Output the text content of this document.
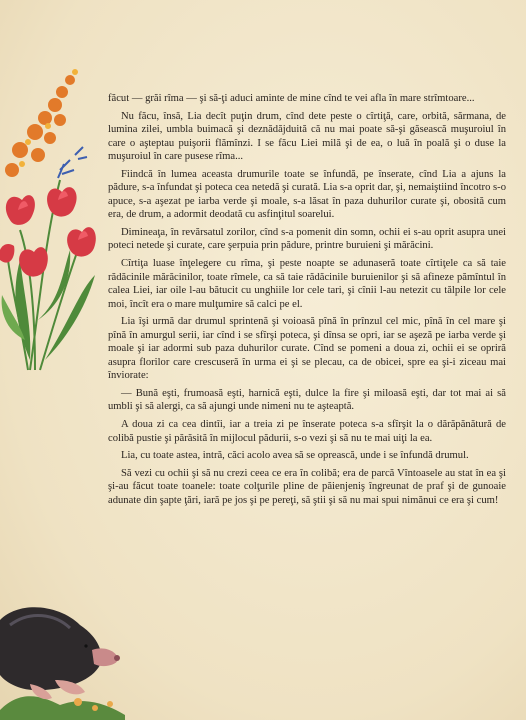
făcut — grăi rîma — şi să-ţi aduci aminte de mine cînd te vei afla în mare strîmtoare...

Nu făcu, însă, Lia decît puţin drum, cînd dete peste o cîrtiţă, care, orbită, sărmana, de lumina zilei, umbla buimacă şi deznădăjduită că nu mai poate să-şi găsească muşuroiul în care o aşteptau puişorii flămînzi. I se făcu Liei milă şi de ea, o luă în poală şi o duse la muşuroiul în care pusese rîma...

Fiindcă în lumea aceasta drumurile toate se înfundă, pe înserate, cînd Lia a ajuns la pădure, s-a înfundat şi poteca cea netedă şi curată. Lia s-a oprit dar, şi, nemaiştiind încotro s-o apuce, s-a aşezat pe iarba verde şi moale, s-a lăsat în paza duhurilor curate şi, obosită cum era, de drum, a adormit deodată cu asfinţitul soarelui.

Dimineaţa, în revărsatul zorilor, cînd s-a pomenit din somn, ochii ei s-au oprit asupra unei poteci netede şi curate, care şerpuia prin pădure, printre buruieni şi mărăcini.

Cîrtiţa luase înţelegere cu rîma, şi peste noapte se adunaseră toate cîrtiţele ca să taie rădăcinile mărăcinilor, toate rîmele, ca să taie rădăcinile buruienilor şi să afineze pămîntul în calea Liei, iar oile l-au bătucit cu unghiile lor cele tari, şi cînii l-au netezit cu tălpile lor cele moi, încît era o mare mulţumire să calci pe el.

Lia îşi urmă dar drumul sprintenă şi voioasă pînă în prînzul cel mic, pînă în cel mare şi pînă în amurgul serii, iar cînd i se sfîrşi poteca, şi dînsa se opri, iar se aşeză pe iarba verde şi moale şi iar adormi sub paza duhurilor curate. Cînd se pomeni a doua zi, ochii ei se opriră asupra florilor care crescuseră în urma ei şi se plecau, ca de obicei, spre ea şi-i ziceau mai înviorate:

— Bună eşti, frumoasă eşti, harnică eşti, dulce la fire şi miloasă eşti, dar tot mai ai să umbli şi să alergi, ca să ajungi unde nimeni nu te aşteaptă.

A doua zi ca cea dintîi, iar a treia zi pe înserate poteca s-a sfîrşit la o dărăpănătură de colibă pustie şi părăsită în mijlocul pădurii, s-o vezi şi să nu te mai uiţi la ea.

Lia, cu toate astea, intră, căci acolo avea să se oprească, unde i se înfundă drumul.

Să vezi cu ochii şi să nu crezi ceea ce era în colibă; era de parcă Vîntoasele au stat în ea şi şi-au făcut toate toanele: toate colţurile pline de păienjeniş îngreunat de praf şi de gunoaie adunate din şapte ţări, iară pe jos şi pe pereţi, să ştii şi să nu mai spui nimănui ce era şi cum!
